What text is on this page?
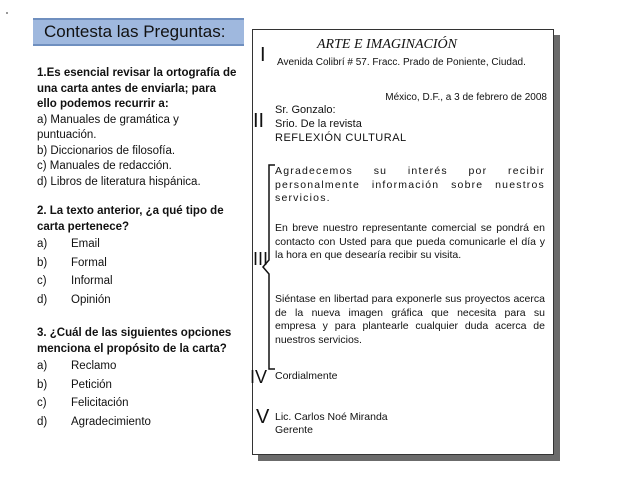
Contesta las Preguntas:

1.Es esencial revisar la ortografía de una carta antes de enviarla; para ello podemos recurrir a:

a) Manuales de gramática y puntuación.

b) Diccionarios de filosofía.

c) Manuales de redacción.

d) Libros de literatura hispánica.

2. La texto anterior, ¿a qué tipo de carta pertenece?

a)	Email
b)	Formal
c)	Informal
d)	Opinión

3. ¿Cuál de las siguientes opciones menciona el propósito de la carta?

a)	Reclamo
b)	Petición
c)	Felicitación
d)	Agradecimiento
I
II
III
IV
V
ARTE E IMAGINACIÓN
Avenida Colibrí # 57. Fracc. Prado de Poniente, Ciudad.
México, D.F., a 3 de febrero de 2008
Sr. Gonzalo:
Srio. De la revista
REFLEXIÓN CULTURAL

Agradecemos su interés por recibir personalmente información sobre nuestros servicios.

En breve nuestro representante comercial se pondrá en contacto con Usted para que pueda comunicarle el día y la hora en que desearía recibir su visita.

Siéntase en libertad para exponerle sus proyectos acerca de la nueva imagen gráfica que necesita para su empresa y para plantearle cualquier duda acerca de nuestros servicios.

Cordialmente
Lic. Carlos Noé Miranda
Gerente
